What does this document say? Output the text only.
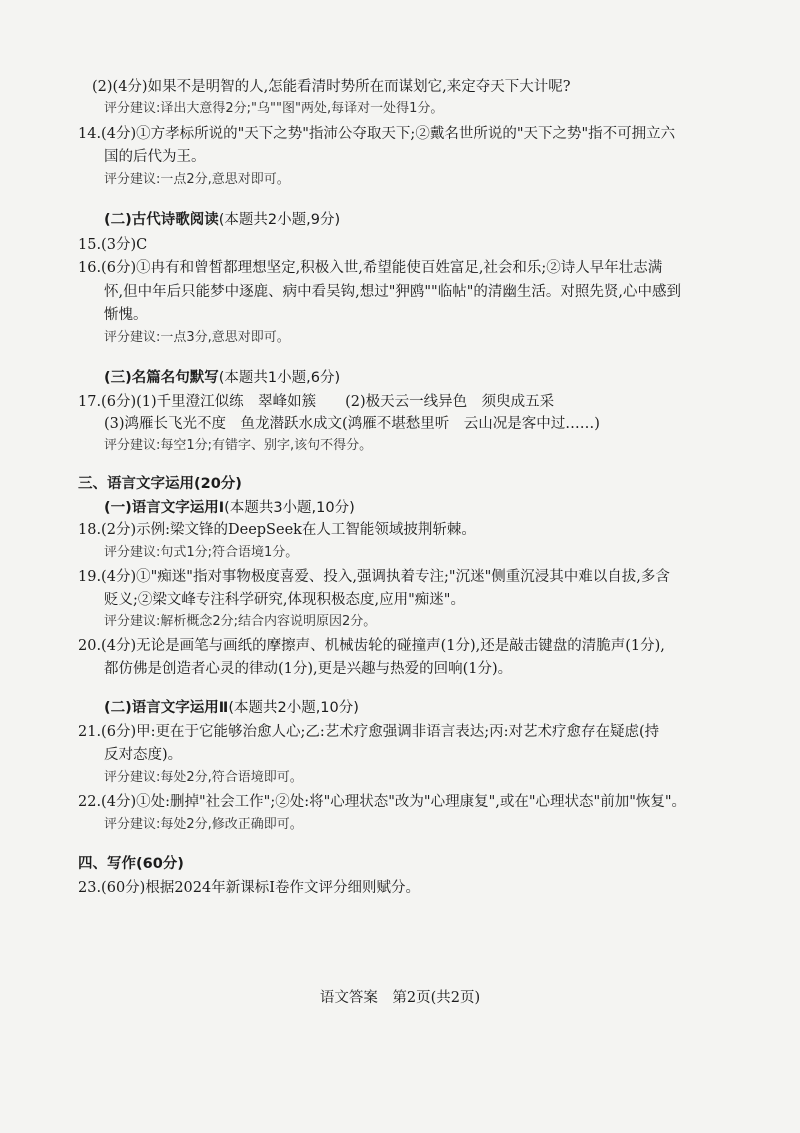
(2)(4分)如果不是明智的人,怎能看清时势所在而谋划它,来定夺天下大计呢?
评分建议:译出大意得2分;"乌""图"两处,每译对一处得1分。
14.(4分)①方孝标所说的"天下之势"指沛公夺取天下;②戴名世所说的"天下之势"指不可拥立六
国的后代为王。
评分建议:一点2分,意思对即可。
(二)古代诗歌阅读(本题共2小题,9分)
15.(3分)C
16.(6分)①冉有和曾皙都理想坚定,积极入世,希望能使百姓富足,社会和乐;②诗人早年壮志满
怀,但中年后只能梦中逐鹿、病中看吴钩,想过"狎鸥""临帖"的清幽生活。对照先贤,心中感到
惭愧。
评分建议:一点3分,意思对即可。
(三)名篇名句默写(本题共1小题,6分)
17.(6分)(1)千里澄江似练　翠峰如簇　　(2)极天云一线异色　须臾成五采
(3)鸿雁长飞光不度　鱼龙潜跃水成文(鸿雁不堪愁里听　云山况是客中过……)
评分建议:每空1分;有错字、别字,该句不得分。
三、语言文字运用(20分)
(一)语言文字运用Ⅰ(本题共3小题,10分)
18.(2分)示例:梁文锋的DeepSeek在人工智能领域披荆斩棘。
评分建议:句式1分;符合语境1分。
19.(4分)①"痴迷"指对事物极度喜爱、投入,强调执着专注;"沉迷"侧重沉浸其中难以自拔,多含
贬义;②梁文峰专注科学研究,体现积极态度,应用"痴迷"。
评分建议:解析概念2分;结合内容说明原因2分。
20.(4分)无论是画笔与画纸的摩擦声、机械齿轮的碰撞声(1分),还是敲击键盘的清脆声(1分),
都仿佛是创造者心灵的律动(1分),更是兴趣与热爱的回响(1分)。
(二)语言文字运用Ⅱ(本题共2小题,10分)
21.(6分)甲:更在于它能够治愈人心;乙:艺术疗愈强调非语言表达;丙:对艺术疗愈存在疑虑(持
反对态度)。
评分建议:每处2分,符合语境即可。
22.(4分)①处:删掉"社会工作";②处:将"心理状态"改为"心理康复",或在"心理状态"前加"恢复"。
评分建议:每处2分,修改正确即可。
四、写作(60分)
23.(60分)根据2024年新课标Ⅰ卷作文评分细则赋分。
语文答案　第2页(共2页)
